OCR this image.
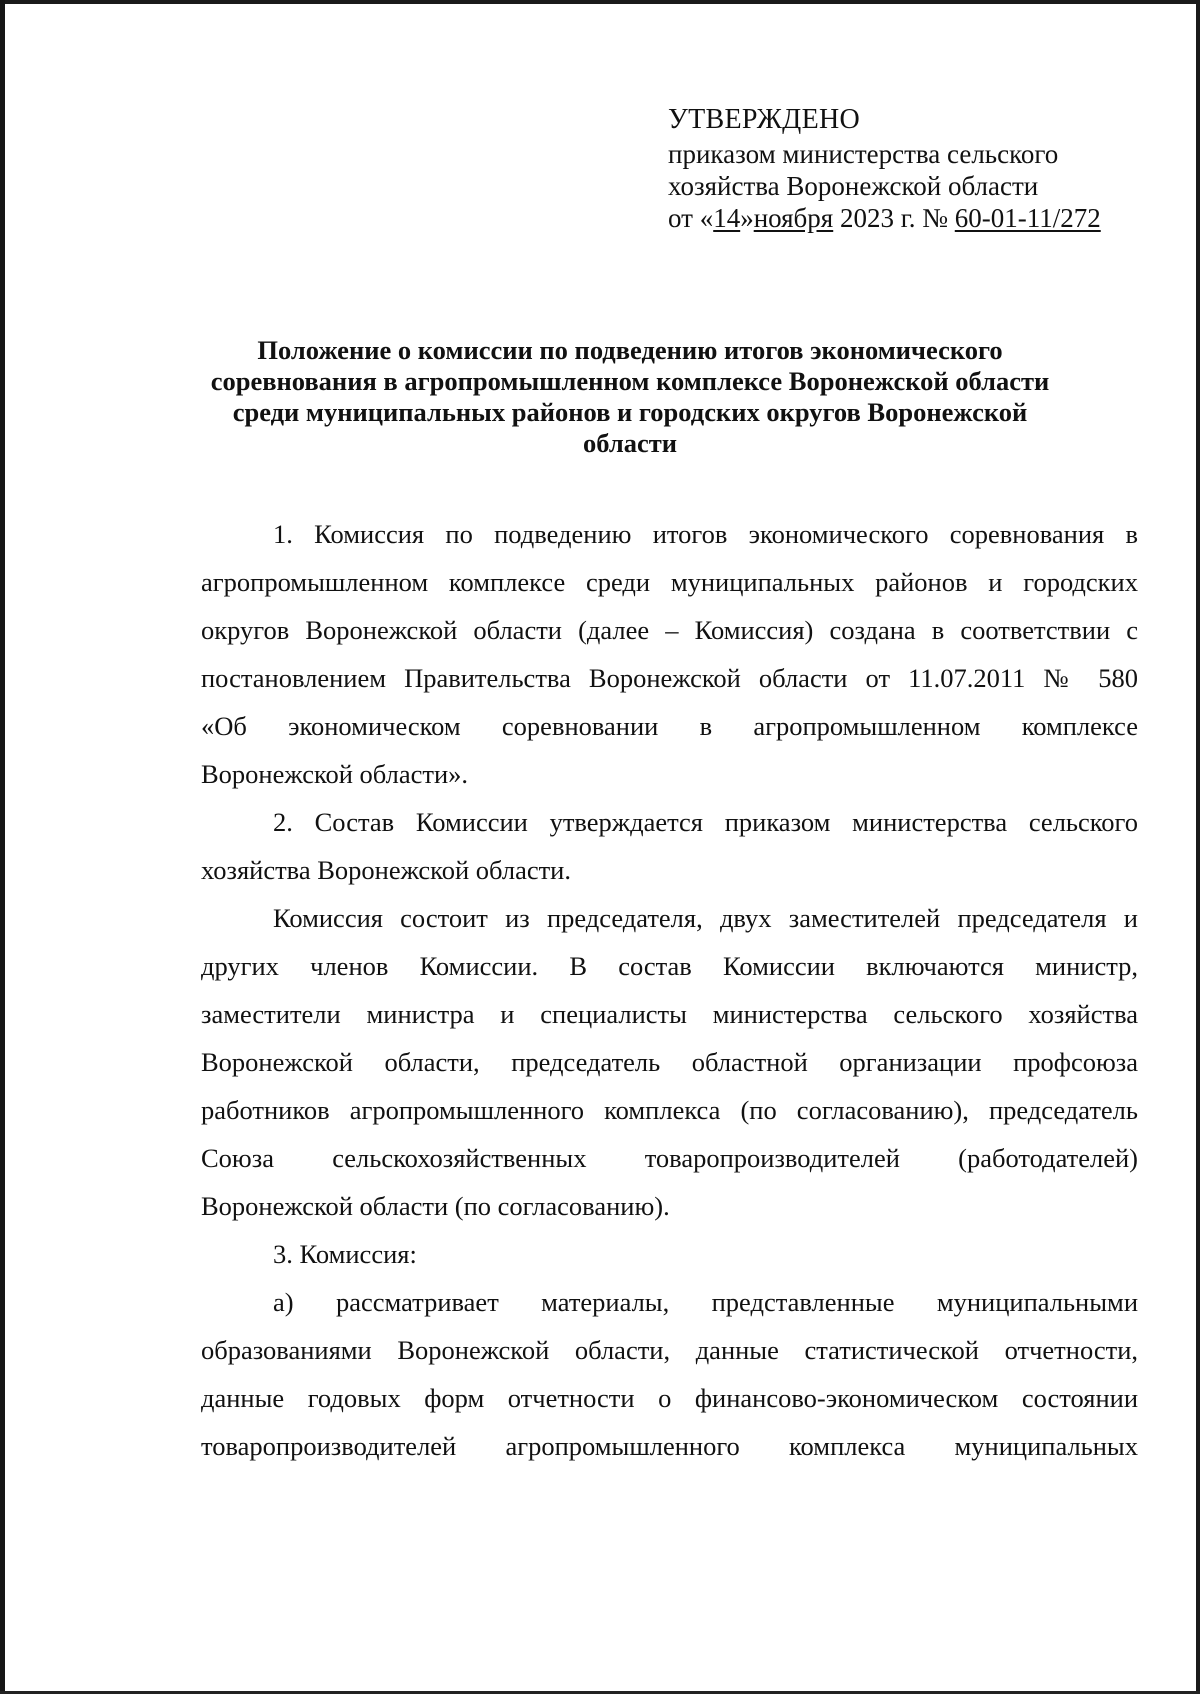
УТВЕРЖДЕНО
приказом министерства сельского
хозяйства Воронежской области
от «14»ноября 2023 г. № 60-01-11/272
Положение о комиссии по подведению итогов экономического
соревнования в агропромышленном комплексе Воронежской области
среди муниципальных районов и городских округов Воронежской
области
1. Комиссия по подведению итогов экономического соревнования в
агропромышленном комплексе среди муниципальных районов и городских
округов Воронежской области (далее – Комиссия) создана в соответствии с
постановлением Правительства Воронежской области от 11.07.2011 № 580
«Об экономическом соревновании в агропромышленном комплексе
Воронежской области».
2. Состав Комиссии утверждается приказом министерства сельского
хозяйства Воронежской области.
Комиссия состоит из председателя, двух заместителей председателя и
других членов Комиссии. В состав Комиссии включаются министр,
заместители министра и специалисты министерства сельского хозяйства
Воронежской области, председатель областной организации профсоюза
работников агропромышленного комплекса (по согласованию), председатель
Союза сельскохозяйственных товаропроизводителей (работодателей)
Воронежской области (по согласованию).
3. Комиссия:
а) рассматривает материалы, представленные муниципальными
образованиями Воронежской области, данные статистической отчетности,
данные годовых форм отчетности о финансово-экономическом состоянии
товаропроизводителей агропромышленного комплекса муниципальных
